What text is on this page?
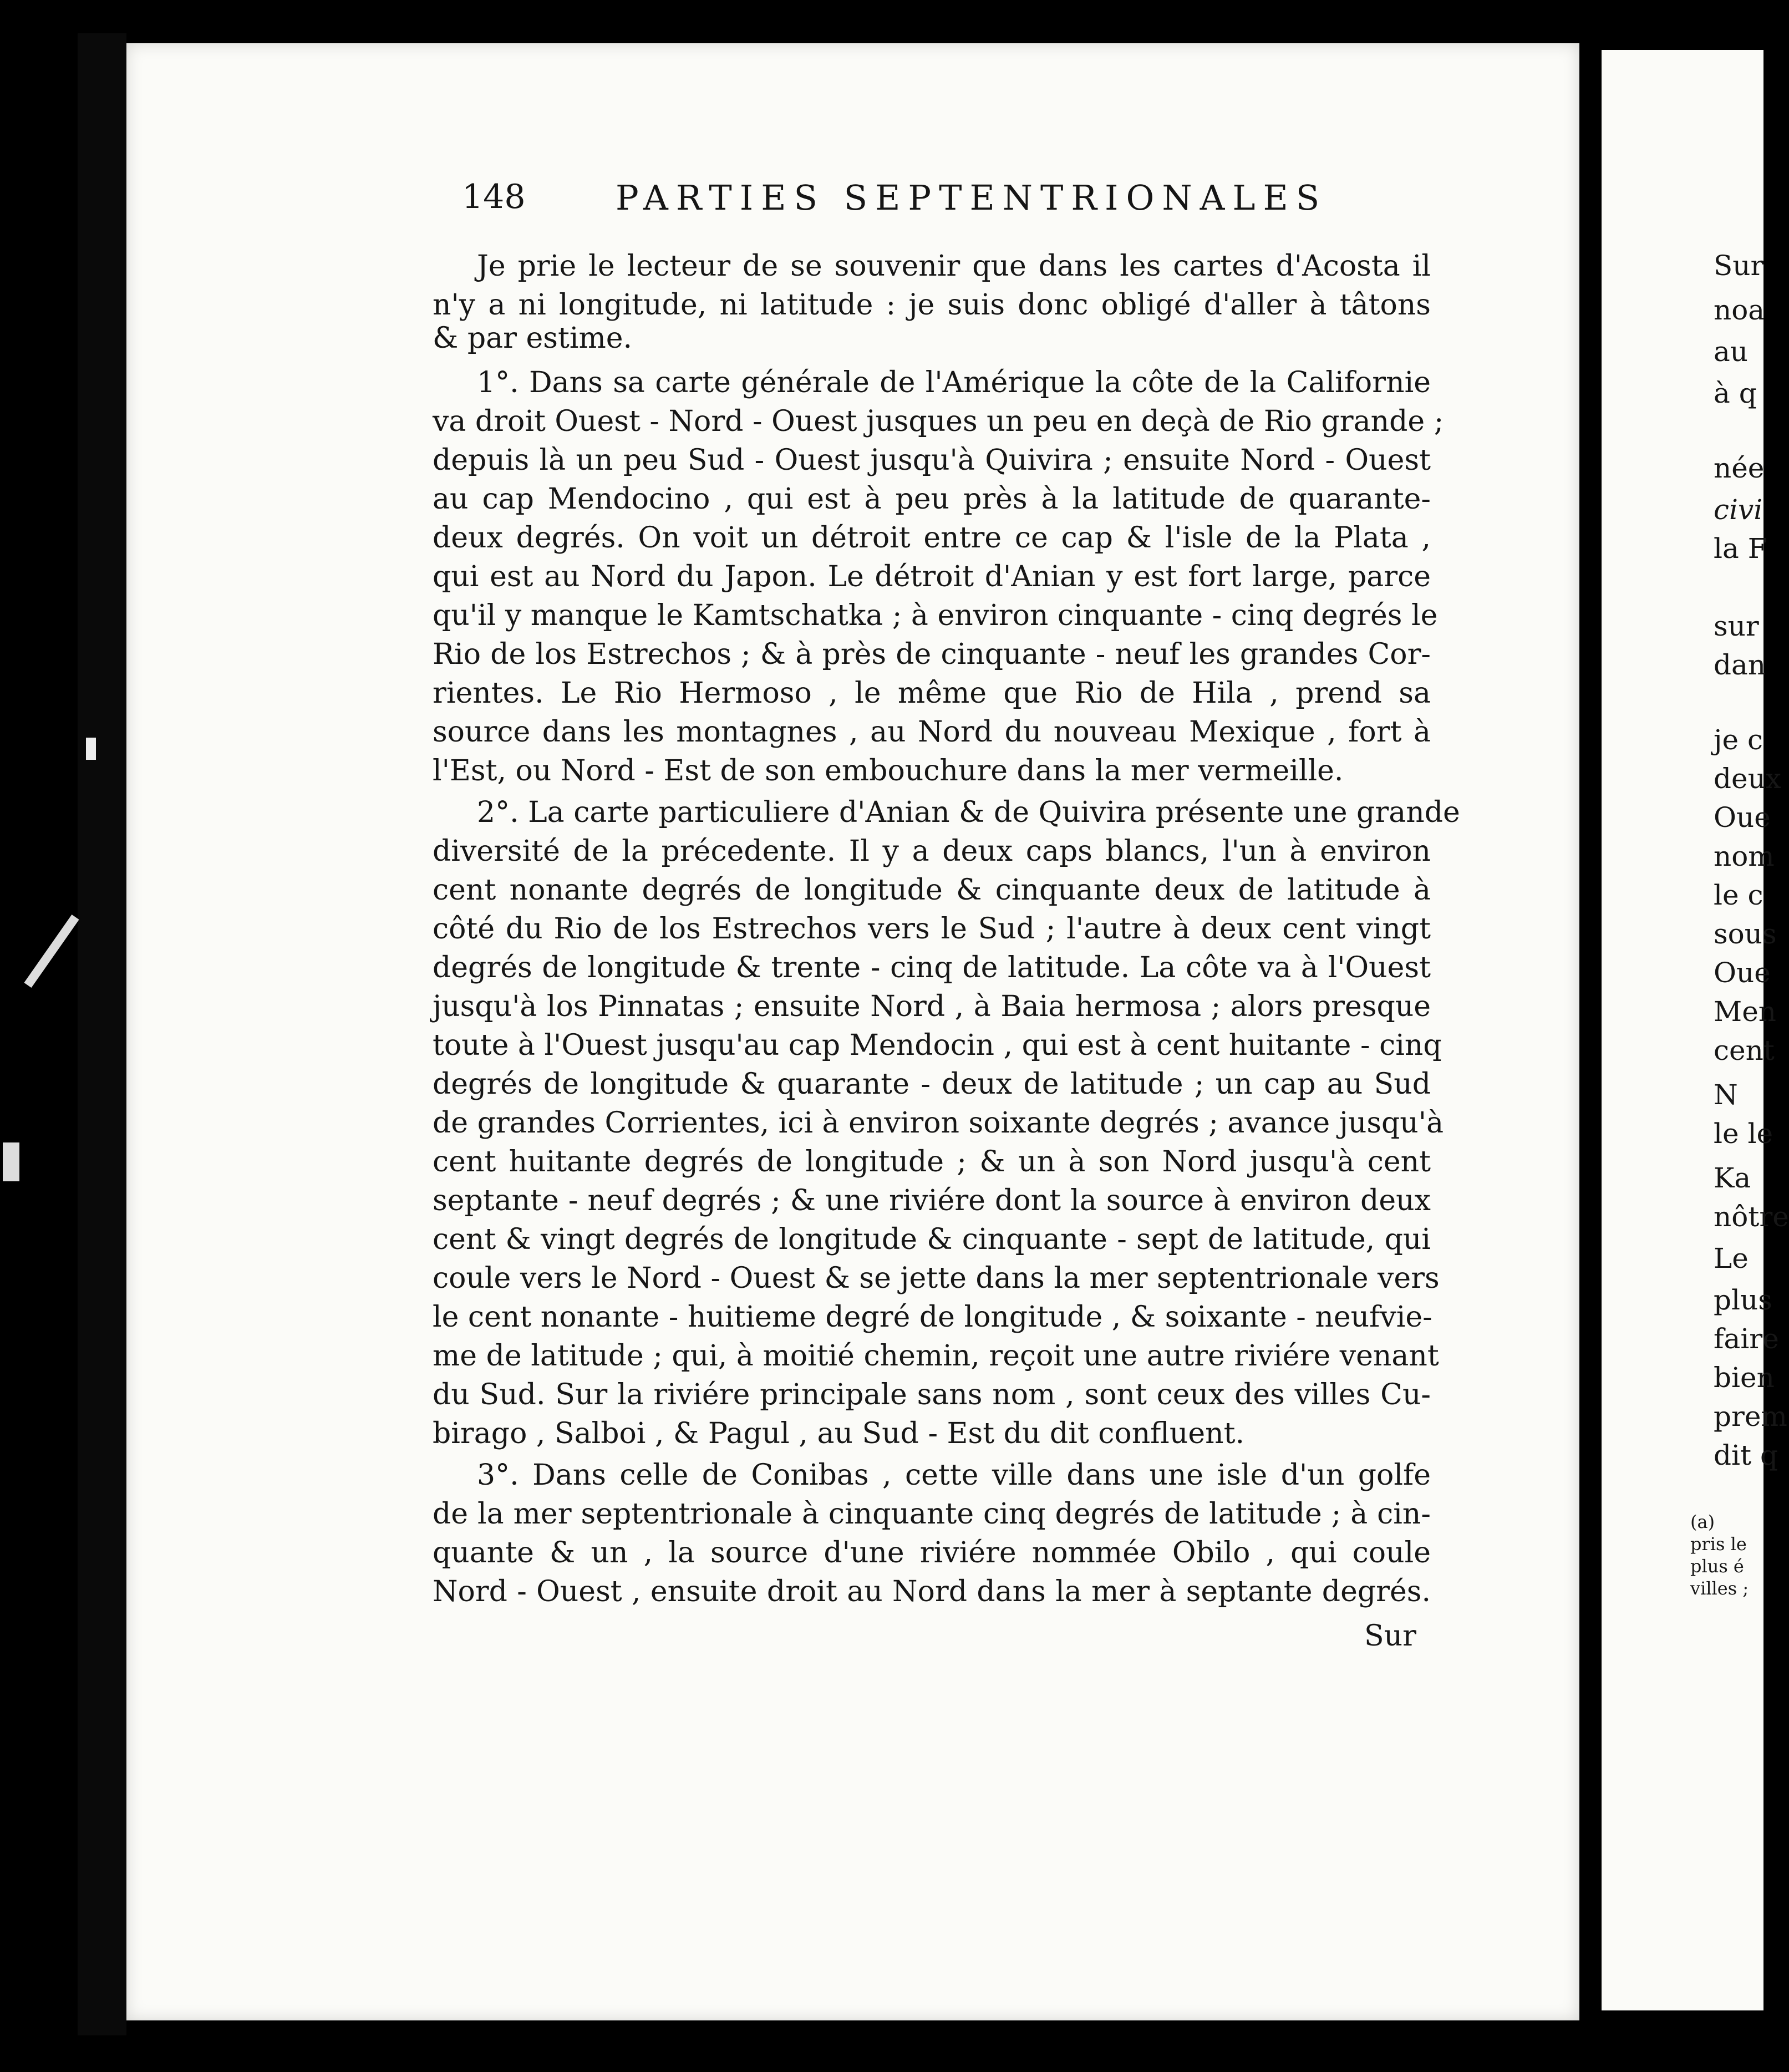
148	PARTIES SEPTENTRIONALES
Je prie le lecteur de se souvenir que dans les cartes d'Acosta il
n'y a ni longitude, ni latitude : je suis donc obligé d'aller à tâtons
& par estime.
1°. Dans sa carte générale de l'Amérique la côte de la Californie
va droit Ouest - Nord - Ouest jusques un peu en deçà de Rio grande ;
depuis là un peu Sud - Ouest jusqu'à Quivira ; ensuite Nord - Ouest
au cap Mendocino , qui est à peu près à la latitude de quarante-
deux degrés. On voit un détroit entre ce cap & l'isle de la Plata ,
qui est au Nord du Japon. Le détroit d'Anian y est fort large, parce
qu'il y manque le Kamtschatka ; à environ cinquante - cinq degrés le
Rio de los Estrechos ; & à près de cinquante - neuf les grandes Cor-
rientes. Le Rio Hermoso , le même que Rio de Hila , prend sa
source dans les montagnes , au Nord du nouveau Mexique , fort à
l'Est, ou Nord - Est de son embouchure dans la mer vermeille.
2°. La carte particuliere d'Anian & de Quivira présente une grande
diversité de la précedente. Il y a deux caps blancs, l'un à environ
cent nonante degrés de longitude & cinquante deux de latitude à
côté du Rio de los Estrechos vers le Sud ; l'autre à deux cent vingt
degrés de longitude & trente - cinq de latitude. La côte va à l'Ouest
jusqu'à los Pinnatas ; ensuite Nord , à Baia hermosa ; alors presque
toute à l'Ouest jusqu'au cap Mendocin , qui est à cent huitante - cinq
degrés de longitude & quarante - deux de latitude ; un cap au Sud
de grandes Corrientes, ici à environ soixante degrés ; avance jusqu'à
cent huitante degrés de longitude ; & un à son Nord jusqu'à cent
septante - neuf degrés ; & une riviére dont la source à environ deux
cent & vingt degrés de longitude & cinquante - sept de latitude, qui
coule vers le Nord - Ouest & se jette dans la mer septentrionale vers
le cent nonante - huitieme degré de longitude , & soixante - neufvie-
me de latitude ; qui, à moitié chemin, reçoit une autre riviére venant
du Sud. Sur la riviére principale sans nom , sont ceux des villes Cu-
birago , Salboi , & Pagul , au Sud - Est du dit confluent.
3°. Dans celle de Conibas , cette ville dans une isle d'un golfe
de la mer septentrionale à cinquante cinq degrés de latitude ; à cin-
quante & un , la source d'une riviére nommée Obilo , qui coule
Nord - Ouest , ensuite droit au Nord dans la mer à septante degrés.
Sur
Sur
noa
au
à q
née
civi
la F
sur
dan
je c
deux
Oue
nom
le c
sous
Oue
Men
cent
N
le le
Ka
nôtre
Le
plus
faire
bien
prem
dit q
(a)
pris le
plus é
villes ;
